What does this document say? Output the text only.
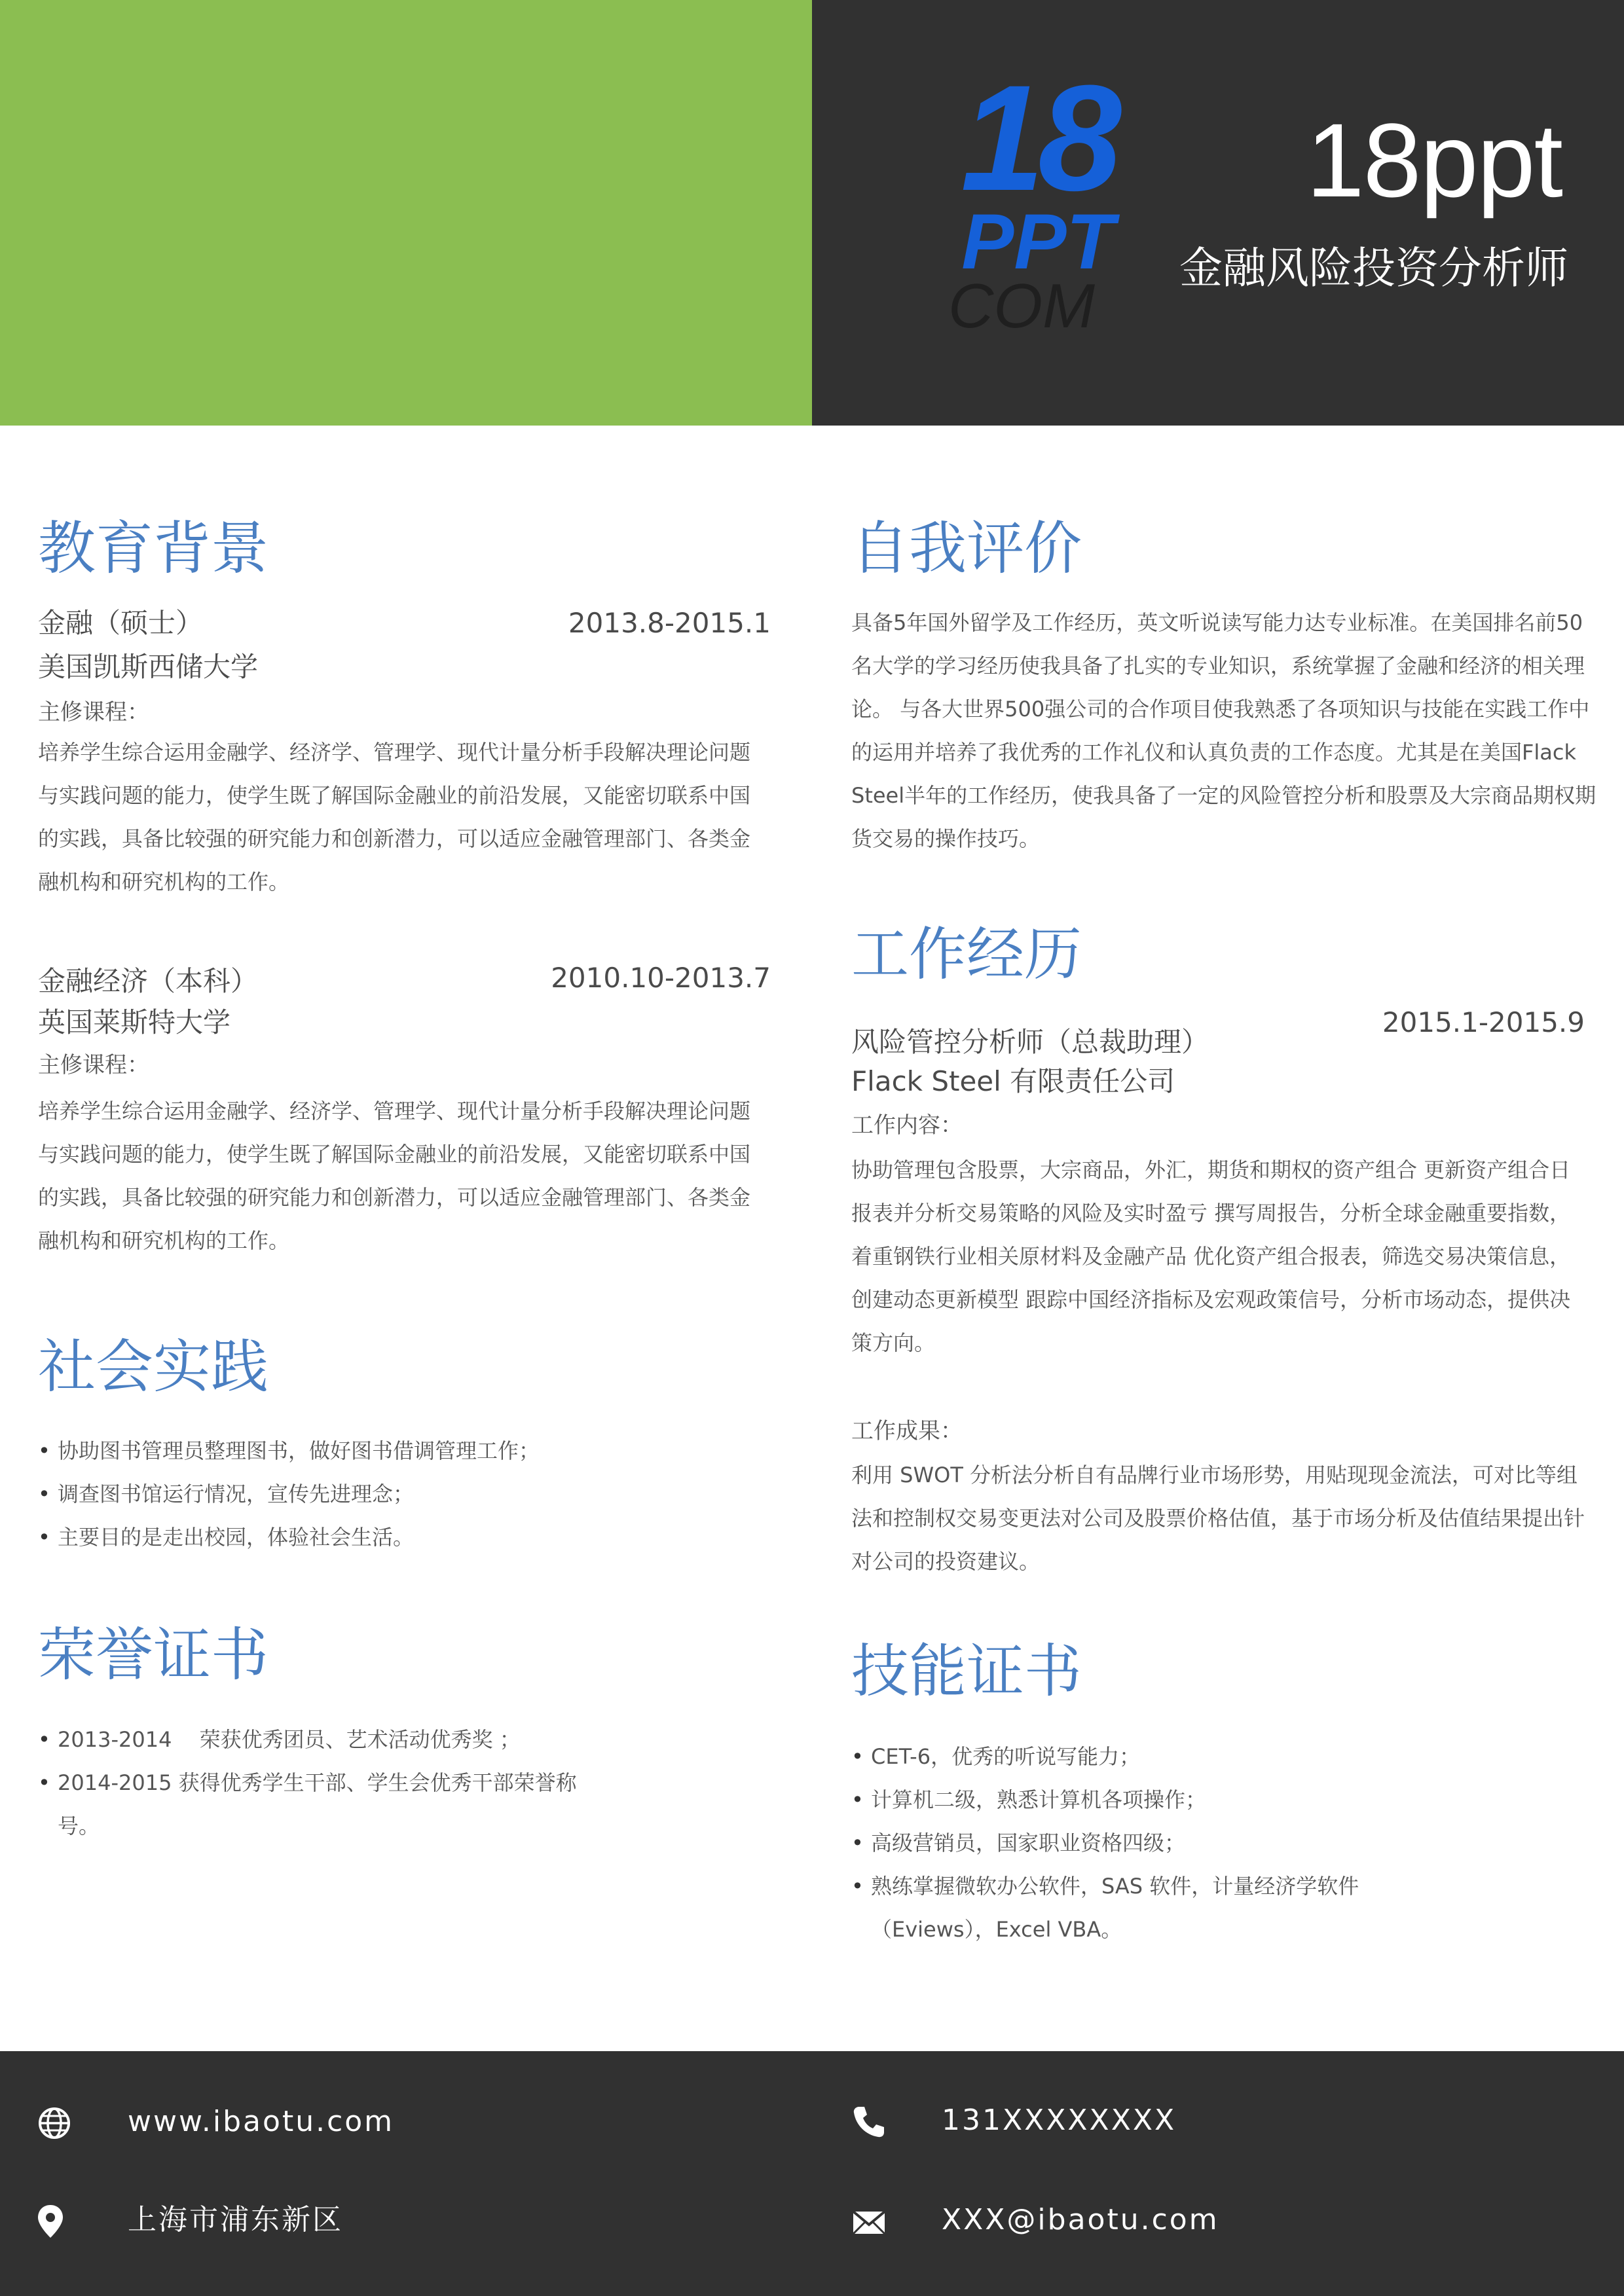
18ppt
金融风险投资分析师
18
PPT
COM
教育背景
金融（硕士）	2013.8-2015.1
美国凯斯西储大学
主修课程：
培养学生综合运用金融学、经济学、管理学、现代计量分析手段解决理论问题与实践问题的能力，使学生既了解国际金融业的前沿发展，又能密切联系中国的实践，具备比较强的研究能力和创新潜力，可以适应金融管理部门、各类金融机构和研究机构的工作。
金融经济（本科）	2010.10-2013.7
英国莱斯特大学
主修课程：
培养学生综合运用金融学、经济学、管理学、现代计量分析手段解决理论问题与实践问题的能力，使学生既了解国际金融业的前沿发展，又能密切联系中国的实践，具备比较强的研究能力和创新潜力，可以适应金融管理部门、各类金融机构和研究机构的工作。
社会实践
• 协助图书管理员整理图书，做好图书借调管理工作；
• 调查图书馆运行情况，宣传先进理念；
• 主要目的是走出校园，体验社会生活。
荣誉证书
• 2013-2014　 荣获优秀团员、艺术活动优秀奖 ；
• 2014-2015 获得优秀学生干部、学生会优秀干部荣誉称号。
自我评价
具备5年国外留学及工作经历，英文听说读写能力达专业标准。在美国排名前50名大学的学习经历使我具备了扎实的专业知识，系统掌握了金融和经济的相关理论。 与各大世界500强公司的合作项目使我熟悉了各项知识与技能在实践工作中的运用并培养了我优秀的工作礼仪和认真负责的工作态度。尤其是在美国Flack Steel半年的工作经历，使我具备了一定的风险管控分析和股票及大宗商品期权期货交易的操作技巧。
工作经历
2015.1-2015.9
风险管控分析师（总裁助理）
Flack Steel 有限责任公司
工作内容：
协助管理包含股票，大宗商品，外汇，期货和期权的资产组合 更新资产组合日报表并分析交易策略的风险及实时盈亏 撰写周报告，分析全球金融重要指数，着重钢铁行业相关原材料及金融产品 优化资产组合报表，筛选交易决策信息，创建动态更新模型 跟踪中国经济指标及宏观政策信号，分析市场动态，提供决策方向。
工作成果：
利用 SWOT 分析法分析自有品牌行业市场形势，用贴现现金流法，可对比等组法和控制权交易变更法对公司及股票价格估值，基于市场分析及估值结果提出针对公司的投资建议。
技能证书
• CET-6，优秀的听说写能力；
• 计算机二级，熟悉计算机各项操作；
• 高级营销员，国家职业资格四级；
• 熟练掌握微软办公软件，SAS 软件，计量经济学软件（Eviews），Excel VBA。
www.ibaotu.com
上海市浦东新区
131XXXXXXXX
XXX@ibaotu.com
